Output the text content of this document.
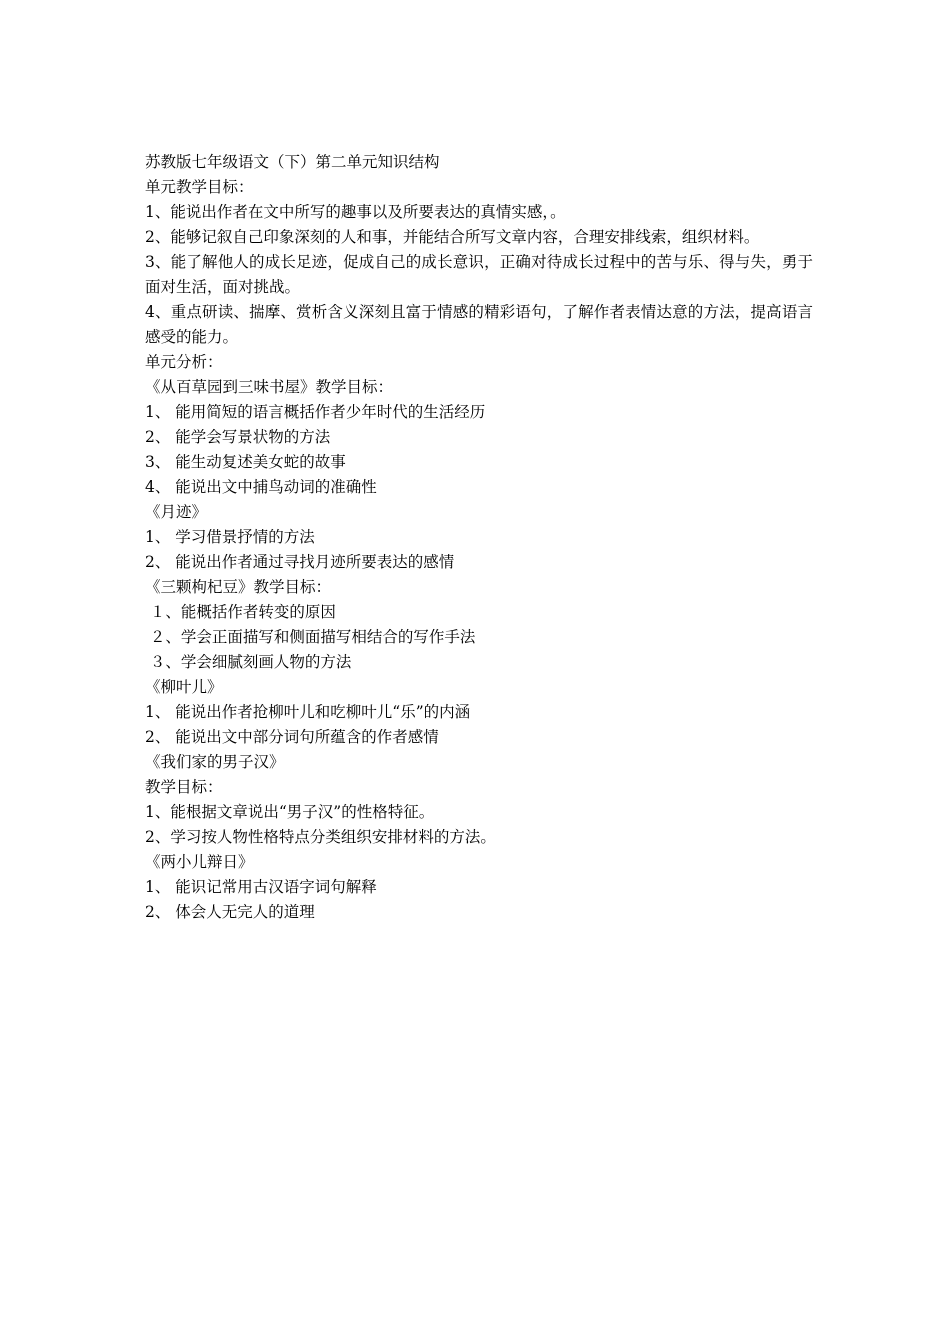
苏教版七年级语文（下）第二单元知识结构

单元教学目标：

1、能说出作者在文中所写的趣事以及所要表达的真情实感，。

2、能够记叙自己印象深刻的人和事，并能结合所写文章内容，合理安排线索，组织材料。

3、能了解他人的成长足迹，促成自己的成长意识，正确对待成长过程中的苦与乐、得与失，勇于面对生活，面对挑战。

4、重点研读、揣摩、赏析含义深刻且富于情感的精彩语句，了解作者表情达意的方法，提高语言感受的能力。

单元分析：

《从百草园到三味书屋》教学目标：

1、 能用简短的语言概括作者少年时代的生活经历

2、 能学会写景状物的方法

3、 能生动复述美女蛇的故事

4、 能说出文中捕鸟动词的准确性

《月迹》

1、 学习借景抒情的方法

2、 能说出作者通过寻找月迹所要表达的感情

《三颗枸杞豆》教学目标：

１、能概括作者转变的原因

２、学会正面描写和侧面描写相结合的写作手法

３、学会细腻刻画人物的方法

《柳叶儿》

1、 能说出作者抢柳叶儿和吃柳叶儿“乐”的内涵

2、 能说出文中部分词句所蕴含的作者感情

《我们家的男子汉》

教学目标：

1、能根据文章说出“男子汉”的性格特征。

2、学习按人物性格特点分类组织安排材料的方法。

《两小儿辩日》

1、 能识记常用古汉语字词句解释

2、 体会人无完人的道理
